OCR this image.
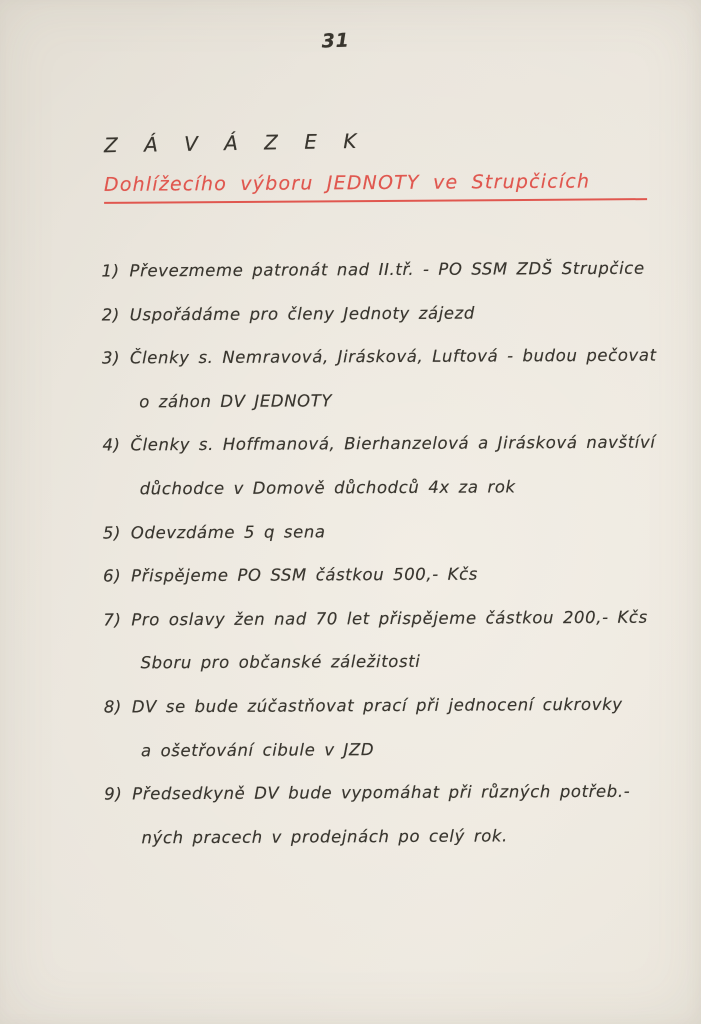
31
Z Á V Á Z E K
Dohlížecího výboru JEDNOTY ve Strupčicích
1) Převezmeme patronát nad II.tř. - PO SSM ZDŠ Strupčice
2) Uspořádáme pro členy Jednoty zájezd
3) Členky s. Nemravová, Jirásková, Luftová - budou pečovat
o záhon DV JEDNOTY
4) Členky s. Hoffmanová, Bierhanzelová a Jirásková navštíví
důchodce v Domově důchodců 4x za rok
5) Odevzdáme 5 q sena
6) Přispějeme PO SSM částkou 500,- Kčs
7) Pro oslavy žen nad 70 let přispějeme částkou 200,- Kčs
Sboru pro občanské záležitosti
8) DV se bude zúčastňovat prací při jednocení cukrovky
a ošetřování cibule v JZD
9) Předsedkyně DV bude vypomáhat při různých potřeb.-
ných pracech v prodejnách po celý rok.
